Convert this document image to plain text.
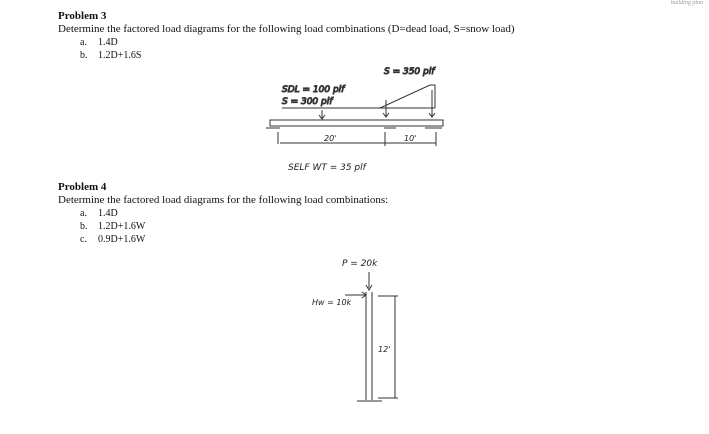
building plan
Problem 3
Determine the factored load diagrams for the following load combinations (D=dead load, S=snow load)
a. 1.4D
b. 1.2D+1.6S
Problem 4
Determine the factored load diagrams for the following load combinations:
a. 1.4D
b. 1.2D+1.6W
c. 0.9D+1.6W
SDL = 100 plf
S = 300 plf
S = 350 plf
20'	10'
SELF WT = 35 plf
P = 20k
Hw = 10k
12'
